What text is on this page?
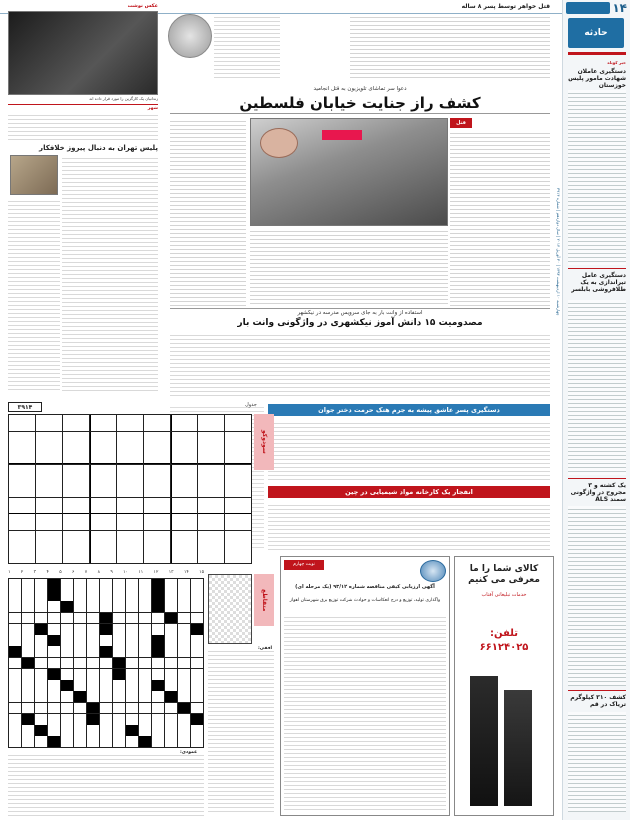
۱۴
حادثه
خبر کوتاه
دستگیری عاملان شهادت مامور پلیس خوزستان
دستگیری عامل تیراندازی به یک طلافروشی بابلسر
یک کشته و ۳ مجروح در واژگونی سمند ALS
کشف ۳۱۰ کیلوگرم تریاک در قم
چهارشنبه ۱۰ اردیبهشت ۱۳۹۳ | ۳۰ آوریل ۲۰۱۴ | سال دوازدهم | شماره ۳۹۱۴
قتل خواهر توسط پسر ۸ ساله
عکس نوشت
زندانیان یک کارگزین را مورد قرار داده اند
دعوا سر تماشای تلویزیون به قتل انجامید
کشف راز جنایت خیابان فلسطین
قتل
شهر
پلیس تهران به دنبال پیروز خلافکار
استفاده از وانت بار به جای سرویس مدرسه در نیکشهر
مصدومیت ۱۵ دانش آموز نیکشهری در واژگونی وانت بار
دستگیری پسر عاشق پیشه به جرم هتک حرمت دختر جوان
انفجار یک کارخانه مواد شیمیایی در چین
۳۹۱۴
سودوکو
جدول
۱۵
۱۴
۱۳
۱۲
۱۱
۱۰
۹
۸
۷
۶
۵
۴
۳
۲
۱
عمودی:
متقاطع
افقی:
نوبت چهارم
آگهی ارزیابی کیفی مناقصه شماره ۹۳/۱۲ (یک مرحله ای)
واگذاری تولید، توزیع و درج انعکاسات و حوادث شرکت توزیع برق شهرستان اهواز
کالای شما را ما معرفی می کنیم
خدمات تبلیغاتی آفتاب
تلفن:
۶۶۱۲۴۰۲۵
